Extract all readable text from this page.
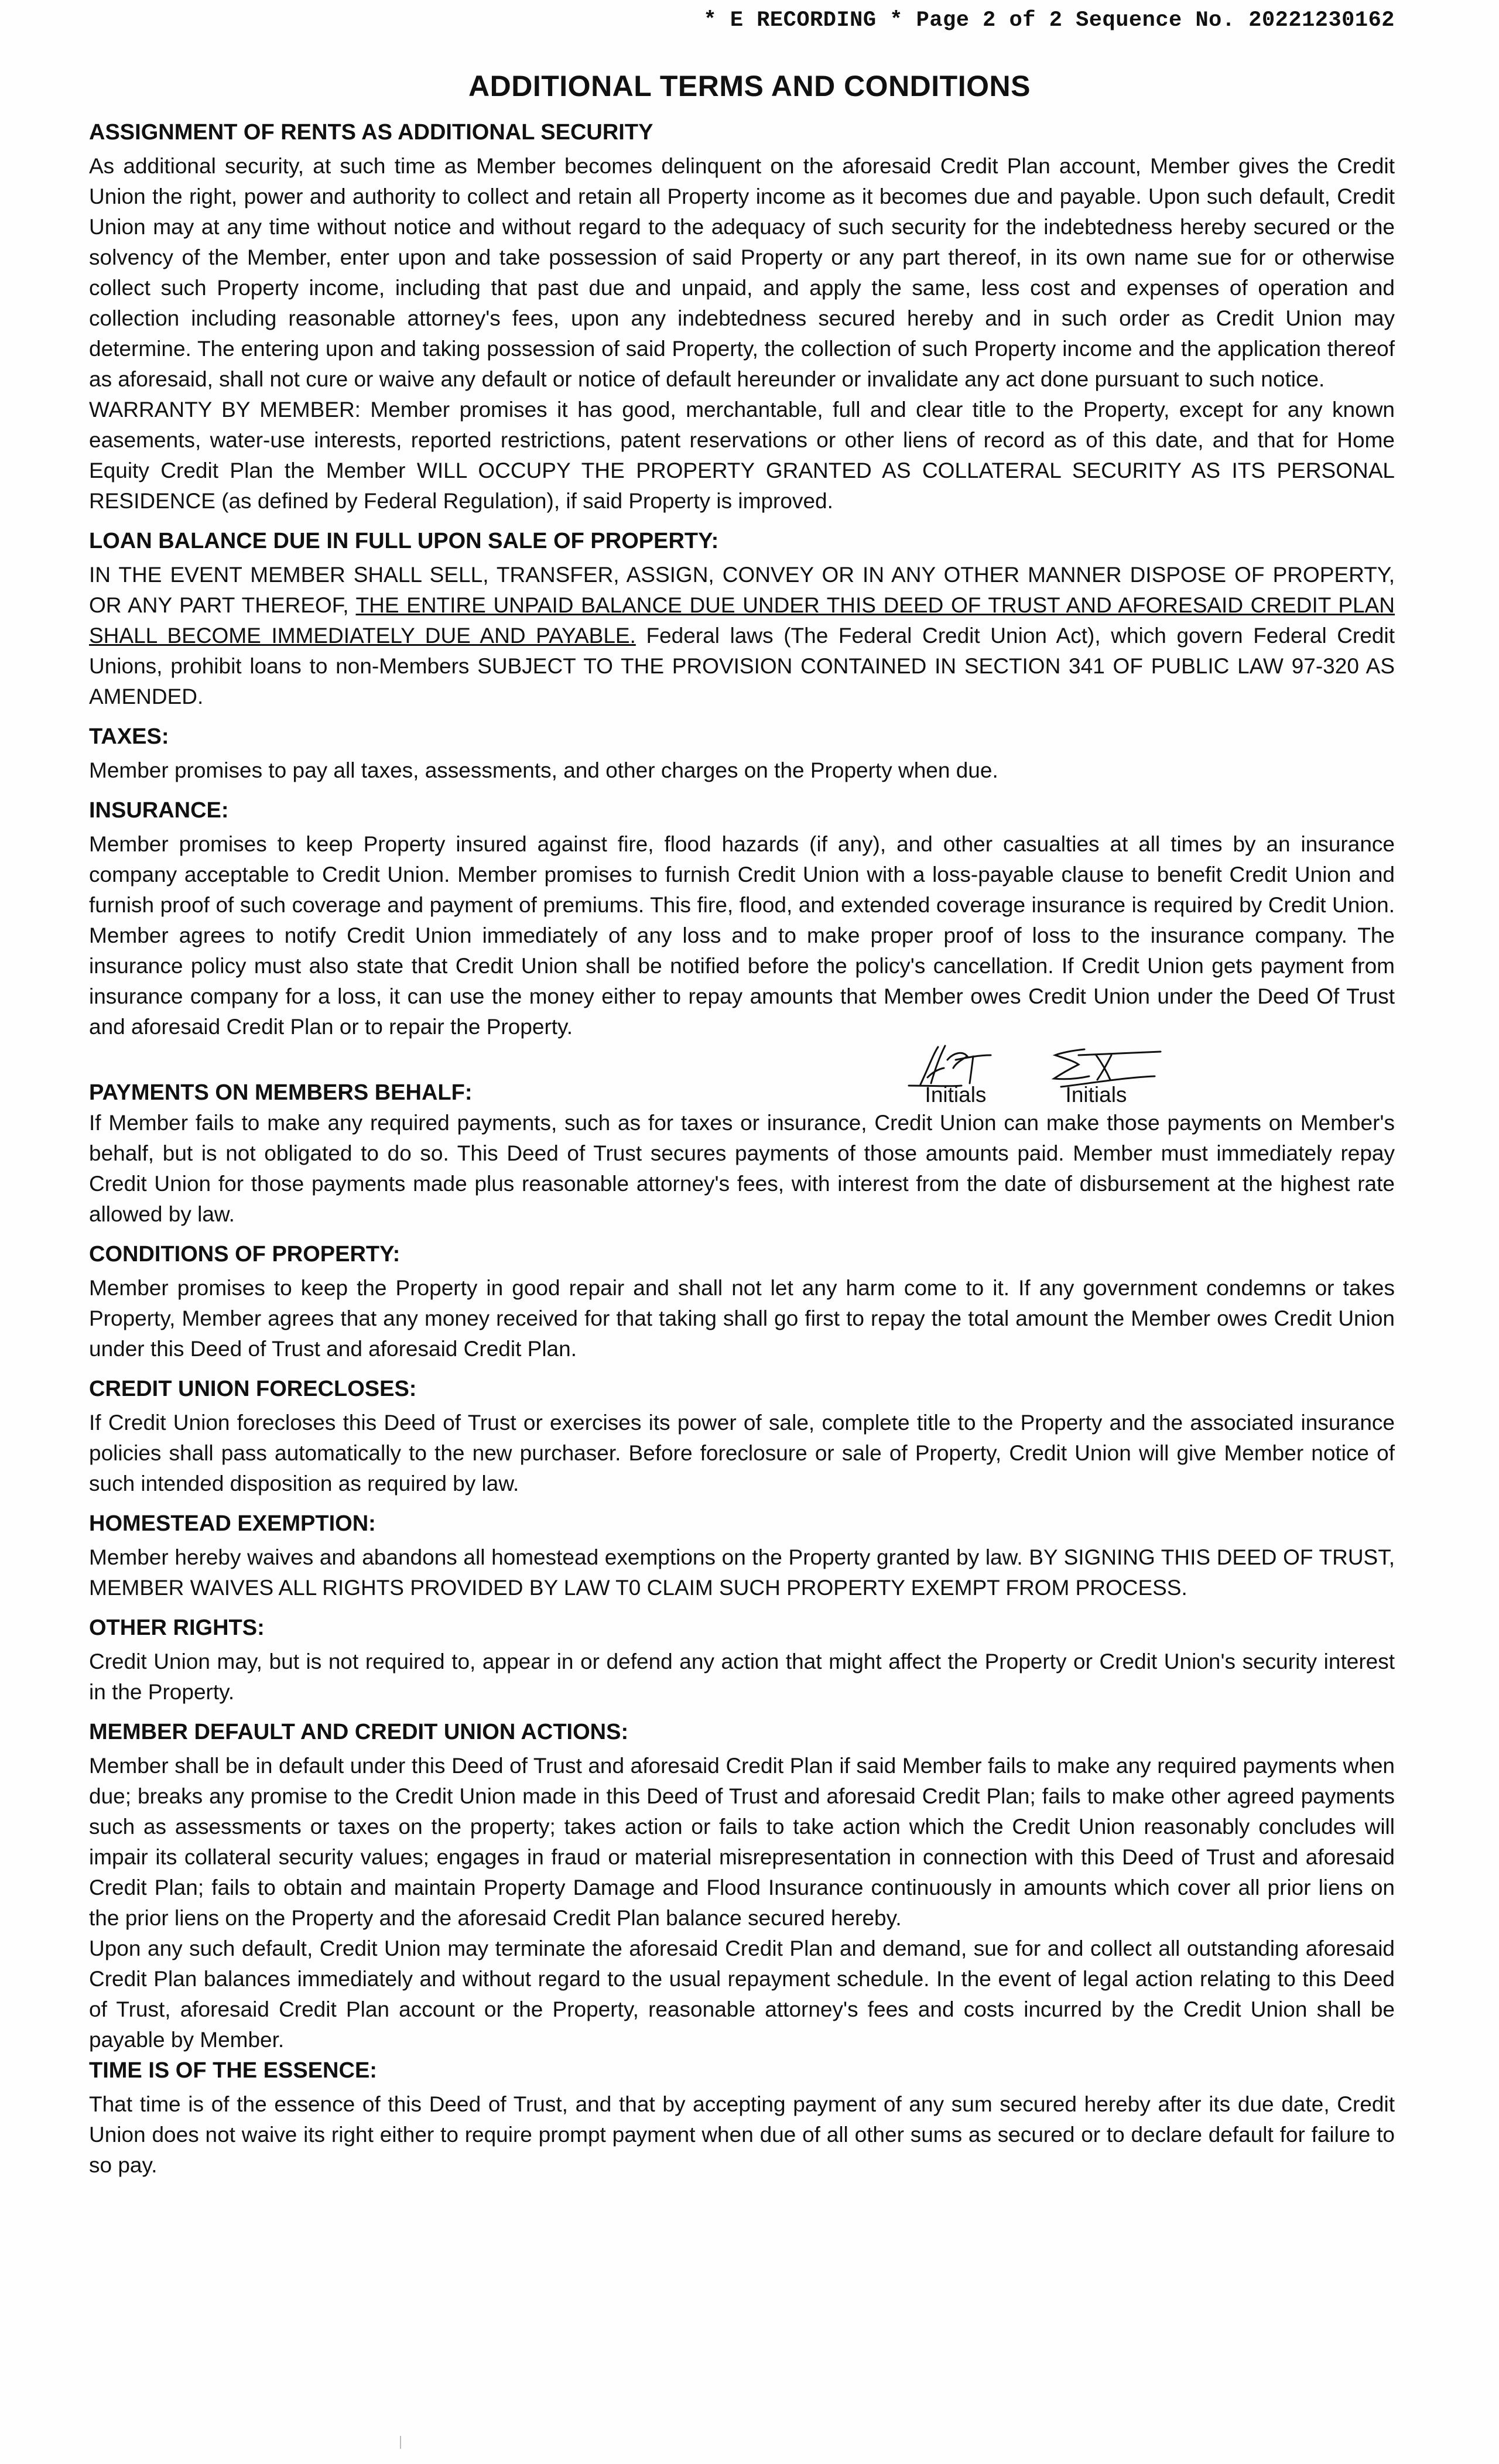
* E RECORDING * Page 2 of 2 Sequence No. 20221230162
ADDITIONAL TERMS AND CONDITIONS
ASSIGNMENT OF RENTS AS ADDITIONAL SECURITY

As additional security, at such time as Member becomes delinquent on the aforesaid Credit Plan account, Member gives the Credit Union the right, power and authority to collect and retain all Property income as it becomes due and payable. Upon such default, Credit Union may at any time without notice and without regard to the adequacy of such security for the indebtedness hereby secured or the solvency of the Member, enter upon and take possession of said Property or any part thereof, in its own name sue for or otherwise collect such Property income, including that past due and unpaid, and apply the same, less cost and expenses of operation and collection including reasonable attorney's fees, upon any indebtedness secured hereby and in such order as Credit Union may determine. The entering upon and taking possession of said Property, the collection of such Property income and the application thereof as aforesaid, shall not cure or waive any default or notice of default hereunder or invalidate any act done pursuant to such notice.

WARRANTY BY MEMBER: Member promises it has good, merchantable, full and clear title to the Property, except for any known easements, water-use interests, reported restrictions, patent reservations or other liens of record as of this date, and that for Home Equity Credit Plan the Member WILL OCCUPY THE PROPERTY GRANTED AS COLLATERAL SECURITY AS ITS PERSONAL RESIDENCE (as defined by Federal Regulation), if said Property is improved.

LOAN BALANCE DUE IN FULL UPON SALE OF PROPERTY:

IN THE EVENT MEMBER SHALL SELL, TRANSFER, ASSIGN, CONVEY OR IN ANY OTHER MANNER DISPOSE OF PROPERTY, OR ANY PART THEREOF, THE ENTIRE UNPAID BALANCE DUE UNDER THIS DEED OF TRUST AND AFORESAID CREDIT PLAN SHALL BECOME IMMEDIATELY DUE AND PAYABLE. Federal laws (The Federal Credit Union Act), which govern Federal Credit Unions, prohibit loans to non-Members SUBJECT TO THE PROVISION CONTAINED IN SECTION 341 OF PUBLIC LAW 97-320 AS AMENDED.

TAXES:

Member promises to pay all taxes, assessments, and other charges on the Property when due.

INSURANCE:

Member promises to keep Property insured against fire, flood hazards (if any), and other casualties at all times by an insurance company acceptable to Credit Union. Member promises to furnish Credit Union with a loss-payable clause to benefit Credit Union and furnish proof of such coverage and payment of premiums. This fire, flood, and extended coverage insurance is required by Credit Union. Member agrees to notify Credit Union immediately of any loss and to make proper proof of loss to the insurance company. The insurance policy must also state that Credit Union shall be notified before the policy's cancellation. If Credit Union gets payment from insurance company for a loss, it can use the money either to repay amounts that Member owes Credit Union under the Deed Of Trust and aforesaid Credit Plan or to repair the Property.

PAYMENTS ON MEMBERS BEHALF:	Initials	Initials

If Member fails to make any required payments, such as for taxes or insurance, Credit Union can make those payments on Member's behalf, but is not obligated to do so. This Deed of Trust secures payments of those amounts paid. Member must immediately repay Credit Union for those payments made plus reasonable attorney's fees, with interest from the date of disbursement at the highest rate allowed by law.

CONDITIONS OF PROPERTY:

Member promises to keep the Property in good repair and shall not let any harm come to it. If any government condemns or takes Property, Member agrees that any money received for that taking shall go first to repay the total amount the Member owes Credit Union under this Deed of Trust and aforesaid Credit Plan.

CREDIT UNION FORECLOSES:

If Credit Union forecloses this Deed of Trust or exercises its power of sale, complete title to the Property and the associated insurance policies shall pass automatically to the new purchaser. Before foreclosure or sale of Property, Credit Union will give Member notice of such intended disposition as required by law.

HOMESTEAD EXEMPTION:

Member hereby waives and abandons all homestead exemptions on the Property granted by law. BY SIGNING THIS DEED OF TRUST, MEMBER WAIVES ALL RIGHTS PROVIDED BY LAW T0 CLAIM SUCH PROPERTY EXEMPT FROM PROCESS.

OTHER RIGHTS:

Credit Union may, but is not required to, appear in or defend any action that might affect the Property or Credit Union's security interest in the Property.

MEMBER DEFAULT AND CREDIT UNION ACTIONS:

Member shall be in default under this Deed of Trust and aforesaid Credit Plan if said Member fails to make any required payments when due; breaks any promise to the Credit Union made in this Deed of Trust and aforesaid Credit Plan; fails to make other agreed payments such as assessments or taxes on the property; takes action or fails to take action which the Credit Union reasonably concludes will impair its collateral security values; engages in fraud or material misrepresentation in connection with this Deed of Trust and aforesaid Credit Plan; fails to obtain and maintain Property Damage and Flood Insurance continuously in amounts which cover all prior liens on the prior liens on the Property and the aforesaid Credit Plan balance secured hereby.

Upon any such default, Credit Union may terminate the aforesaid Credit Plan and demand, sue for and collect all outstanding aforesaid Credit Plan balances immediately and without regard to the usual repayment schedule. In the event of legal action relating to this Deed of Trust, aforesaid Credit Plan account or the Property, reasonable attorney's fees and costs incurred by the Credit Union shall be payable by Member.

TIME IS OF THE ESSENCE:

That time is of the essence of this Deed of Trust, and that by accepting payment of any sum secured hereby after its due date, Credit Union does not waive its right either to require prompt payment when due of all other sums as secured or to declare default for failure to so pay.
